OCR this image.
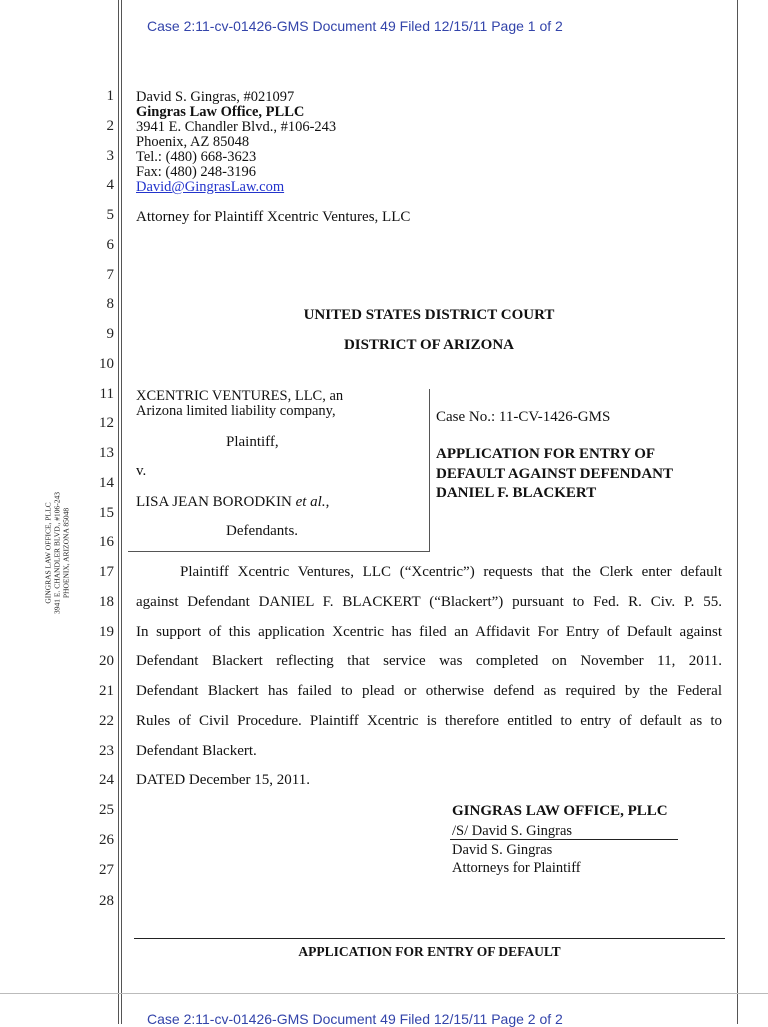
Case 2:11-cv-01426-GMS Document 49 Filed 12/15/11 Page 1 of 2
GINGRAS LAW OFFICE, PLLC 3941 E. CHANDLER BLVD., #106-243 PHOENIX, ARIZONA 85048
1
2
3
4
5
6
7
8
9
10
11
12
13
14
15
16
17
18
19
20
21
22
23
24
25
26
27
28
David S. Gingras, #021097
Gingras Law Office, PLLC
3941 E. Chandler Blvd., #106-243
Phoenix, AZ 85048
Tel.: (480) 668-3623
Fax: (480) 248-3196
David@GingrasLaw.com
Attorney for Plaintiff Xcentric Ventures, LLC
UNITED STATES DISTRICT COURT
DISTRICT OF ARIZONA
XCENTRIC VENTURES, LLC, an
Arizona limited liability company,
Plaintiff,
v.
LISA JEAN BORODKIN et al.,
Defendants.
Case No.: 11-CV-1426-GMS
APPLICATION FOR ENTRY OF
DEFAULT AGAINST DEFENDANT
DANIEL F. BLACKERT
Plaintiff Xcentric Ventures, LLC (“Xcentric”) requests that the Clerk enter default
against Defendant DANIEL F. BLACKERT (“Blackert”) pursuant to Fed. R. Civ. P. 55.
In support of this application Xcentric has filed an Affidavit For Entry of Default against
Defendant Blackert reflecting that service was completed on November 11, 2011.
Defendant Blackert has failed to plead or otherwise defend as required by the Federal
Rules of Civil Procedure. Plaintiff Xcentric is therefore entitled to entry of default as to
Defendant Blackert.
DATED December 15, 2011.
GINGRAS LAW OFFICE, PLLC
/S/ David S. Gingras
David S. Gingras
Attorneys for Plaintiff
APPLICATION FOR ENTRY OF DEFAULT
Case 2:11-cv-01426-GMS Document 49 Filed 12/15/11 Page 2 of 2
